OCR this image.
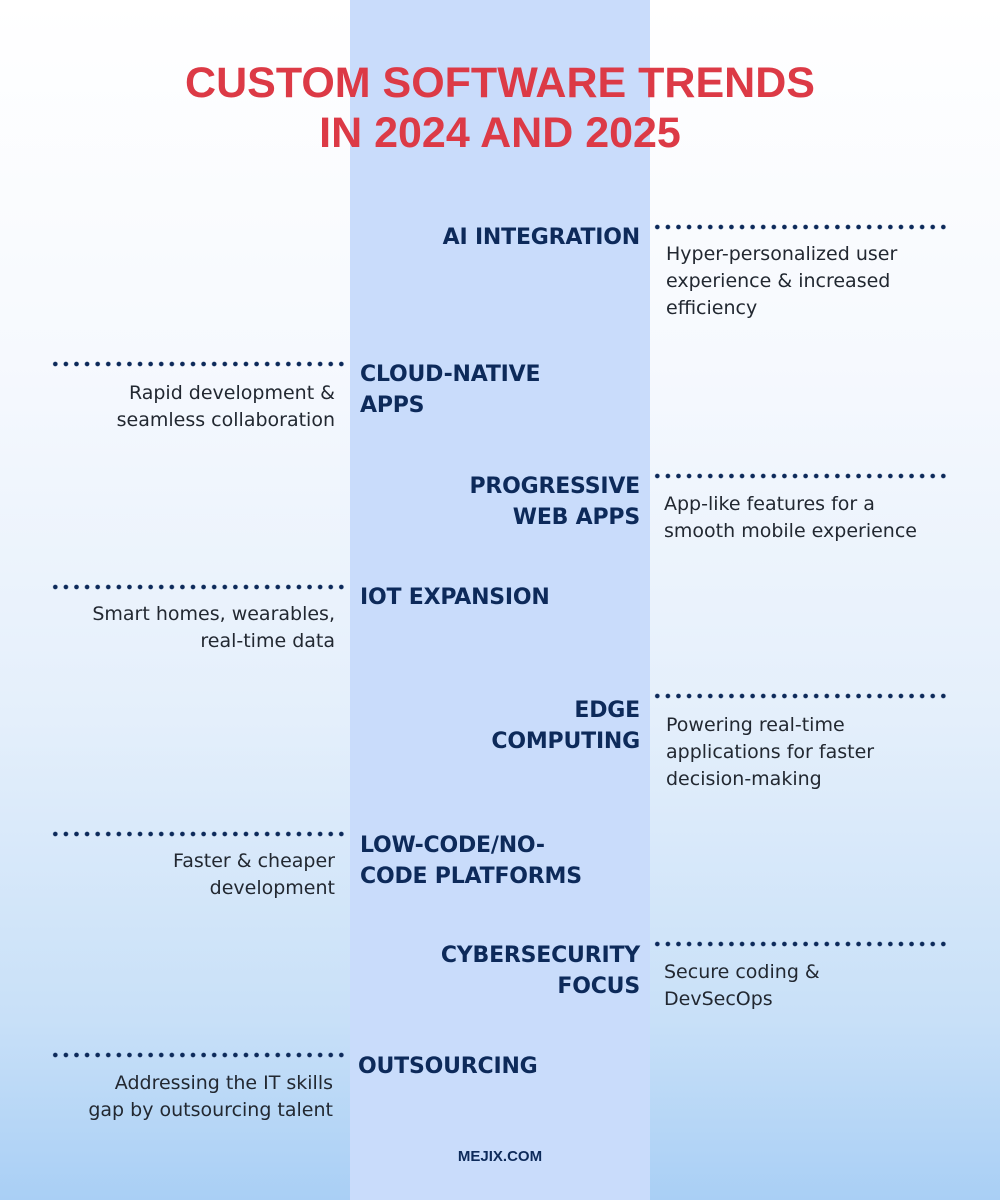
CUSTOM SOFTWARE TRENDS
IN 2024 AND 2025
AI INTEGRATION
Hyper-personalized user
experience & increased
efficiency
CLOUD-NATIVE
APPS
Rapid development &
seamless collaboration
PROGRESSIVE
WEB APPS
App-like features for a
smooth mobile experience
IOT EXPANSION
Smart homes, wearables,
real-time data
EDGE
COMPUTING
Powering real-time
applications for faster
decision-making
LOW-CODE/NO-
CODE PLATFORMS
Faster & cheaper
development
CYBERSECURITY
FOCUS
Secure coding &
DevSecOps
OUTSOURCING
Addressing the IT skills
gap by outsourcing talent
MEJIX.COM
